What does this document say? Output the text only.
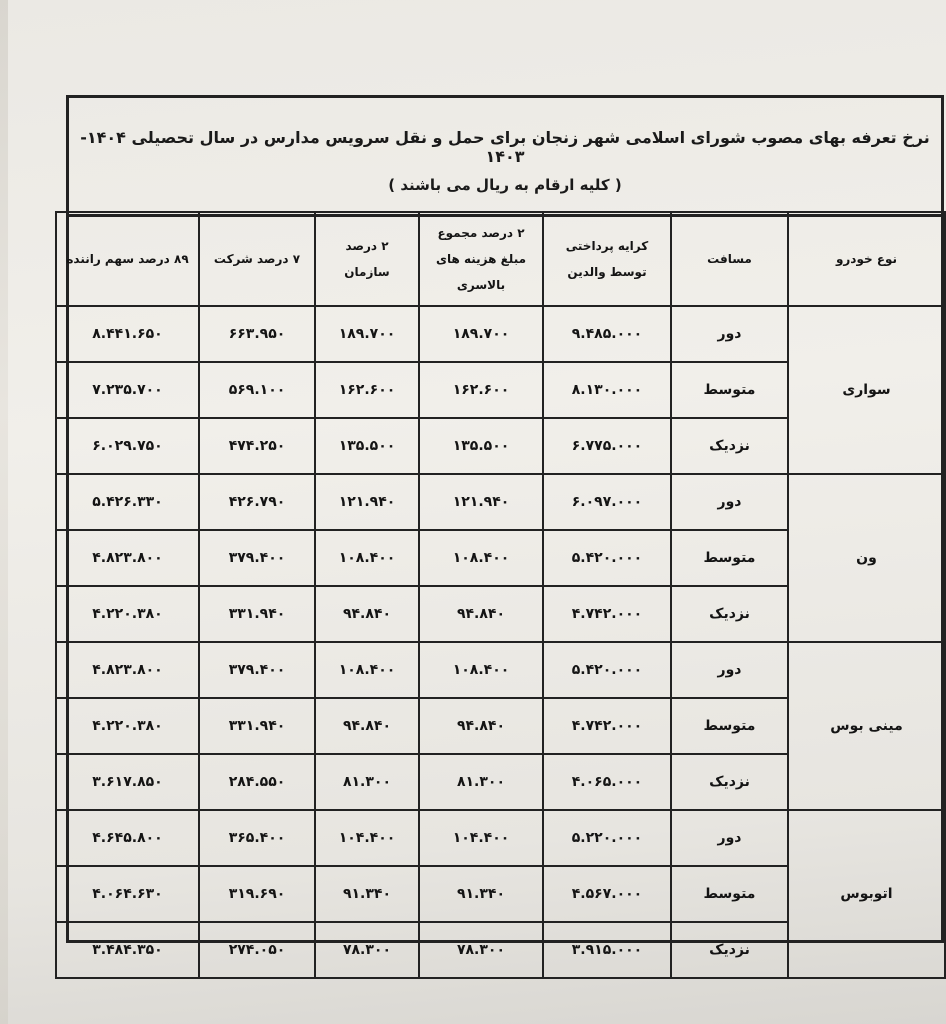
نرخ تعرفه بهای مصوب شورای اسلامی شهر زنجان برای حمل و نقل سرویس مدارس در سال تحصیلی ۱۴۰۴- ۱۴۰۳
( کلیه ارقام به ریال می باشند )
نوع خودرو	مسافت	کرایه پرداختی توسط والدین	۲ درصد مجموع مبلغ هزینه های بالاسری	۲ درصد سازمان	۷ درصد شرکت	۸۹ درصد سهم راننده
سواری	دور	۹.۴۸۵.۰۰۰	۱۸۹.۷۰۰	۱۸۹.۷۰۰	۶۶۳.۹۵۰	۸.۴۴۱.۶۵۰
	متوسط	۸.۱۳۰.۰۰۰	۱۶۲.۶۰۰	۱۶۲.۶۰۰	۵۶۹.۱۰۰	۷.۲۳۵.۷۰۰
	نزدیک	۶.۷۷۵.۰۰۰	۱۳۵.۵۰۰	۱۳۵.۵۰۰	۴۷۴.۲۵۰	۶.۰۲۹.۷۵۰
ون	دور	۶.۰۹۷.۰۰۰	۱۲۱.۹۴۰	۱۲۱.۹۴۰	۴۲۶.۷۹۰	۵.۴۲۶.۳۳۰
	متوسط	۵.۴۲۰.۰۰۰	۱۰۸.۴۰۰	۱۰۸.۴۰۰	۳۷۹.۴۰۰	۴.۸۲۳.۸۰۰
	نزدیک	۴.۷۴۲.۰۰۰	۹۴.۸۴۰	۹۴.۸۴۰	۳۳۱.۹۴۰	۴.۲۲۰.۳۸۰
مینی بوس	دور	۵.۴۲۰.۰۰۰	۱۰۸.۴۰۰	۱۰۸.۴۰۰	۳۷۹.۴۰۰	۴.۸۲۳.۸۰۰
	متوسط	۴.۷۴۲.۰۰۰	۹۴.۸۴۰	۹۴.۸۴۰	۳۳۱.۹۴۰	۴.۲۲۰.۳۸۰
	نزدیک	۴.۰۶۵.۰۰۰	۸۱.۳۰۰	۸۱.۳۰۰	۲۸۴.۵۵۰	۳.۶۱۷.۸۵۰
اتوبوس	دور	۵.۲۲۰.۰۰۰	۱۰۴.۴۰۰	۱۰۴.۴۰۰	۳۶۵.۴۰۰	۴.۶۴۵.۸۰۰
	متوسط	۴.۵۶۷.۰۰۰	۹۱.۳۴۰	۹۱.۳۴۰	۳۱۹.۶۹۰	۴.۰۶۴.۶۳۰
	نزدیک	۳.۹۱۵.۰۰۰	۷۸.۳۰۰	۷۸.۳۰۰	۲۷۴.۰۵۰	۳.۴۸۴.۳۵۰
